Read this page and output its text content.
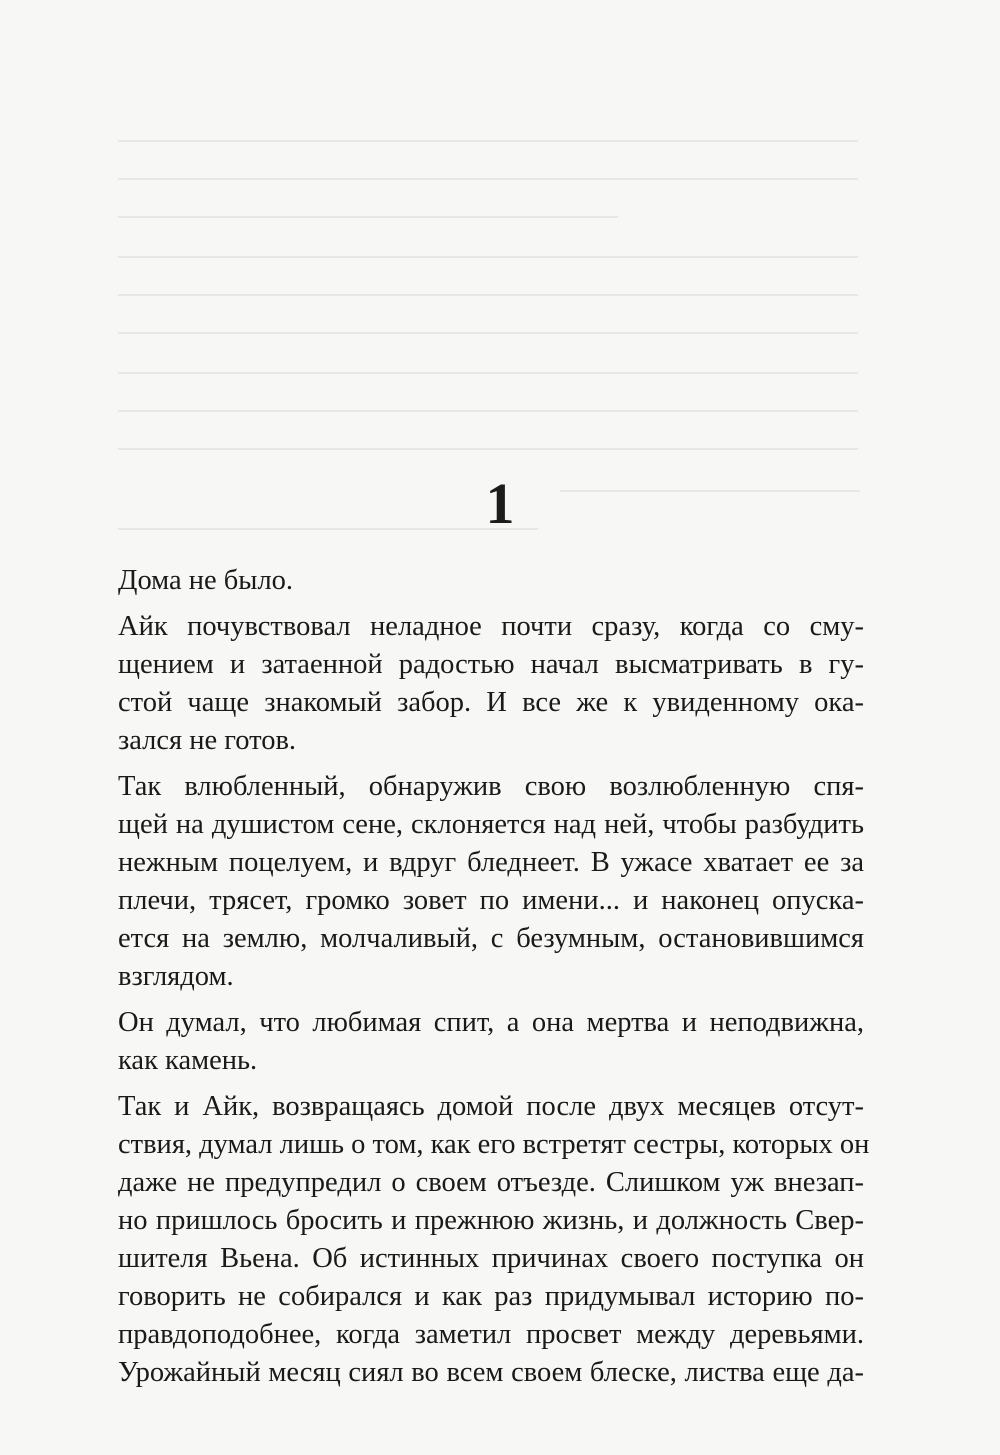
1
Дома не было.
Айк почувствовал неладное почти сразу, когда со сму-
щением и затаенной радостью начал высматривать в гу-
стой чаще знакомый забор. И все же к увиденному ока-
зался не готов.
Так влюбленный, обнаружив свою возлюбленную спя-
щей на душистом сене, склоняется над ней, чтобы разбудить
нежным поцелуем, и вдруг бледнеет. В ужасе хватает ее за
плечи, трясет, громко зовет по имени... и наконец опуска-
ется на землю, молчаливый, с безумным, остановившимся
взглядом.
Он думал, что любимая спит, а она мертва и неподвижна,
как камень.
Так и Айк, возвращаясь домой после двух месяцев отсут-
ствия, думал лишь о том, как его встретят сестры, которых он
даже не предупредил о своем отъезде. Слишком уж внезап-
но пришлось бросить и прежнюю жизнь, и должность Свер-
шителя Вьена. Об истинных причинах своего поступка он
говорить не собирался и как раз придумывал историю по-
правдоподобнее, когда заметил просвет между деревьями.
Урожайный месяц сиял во всем своем блеске, листва еще да-
